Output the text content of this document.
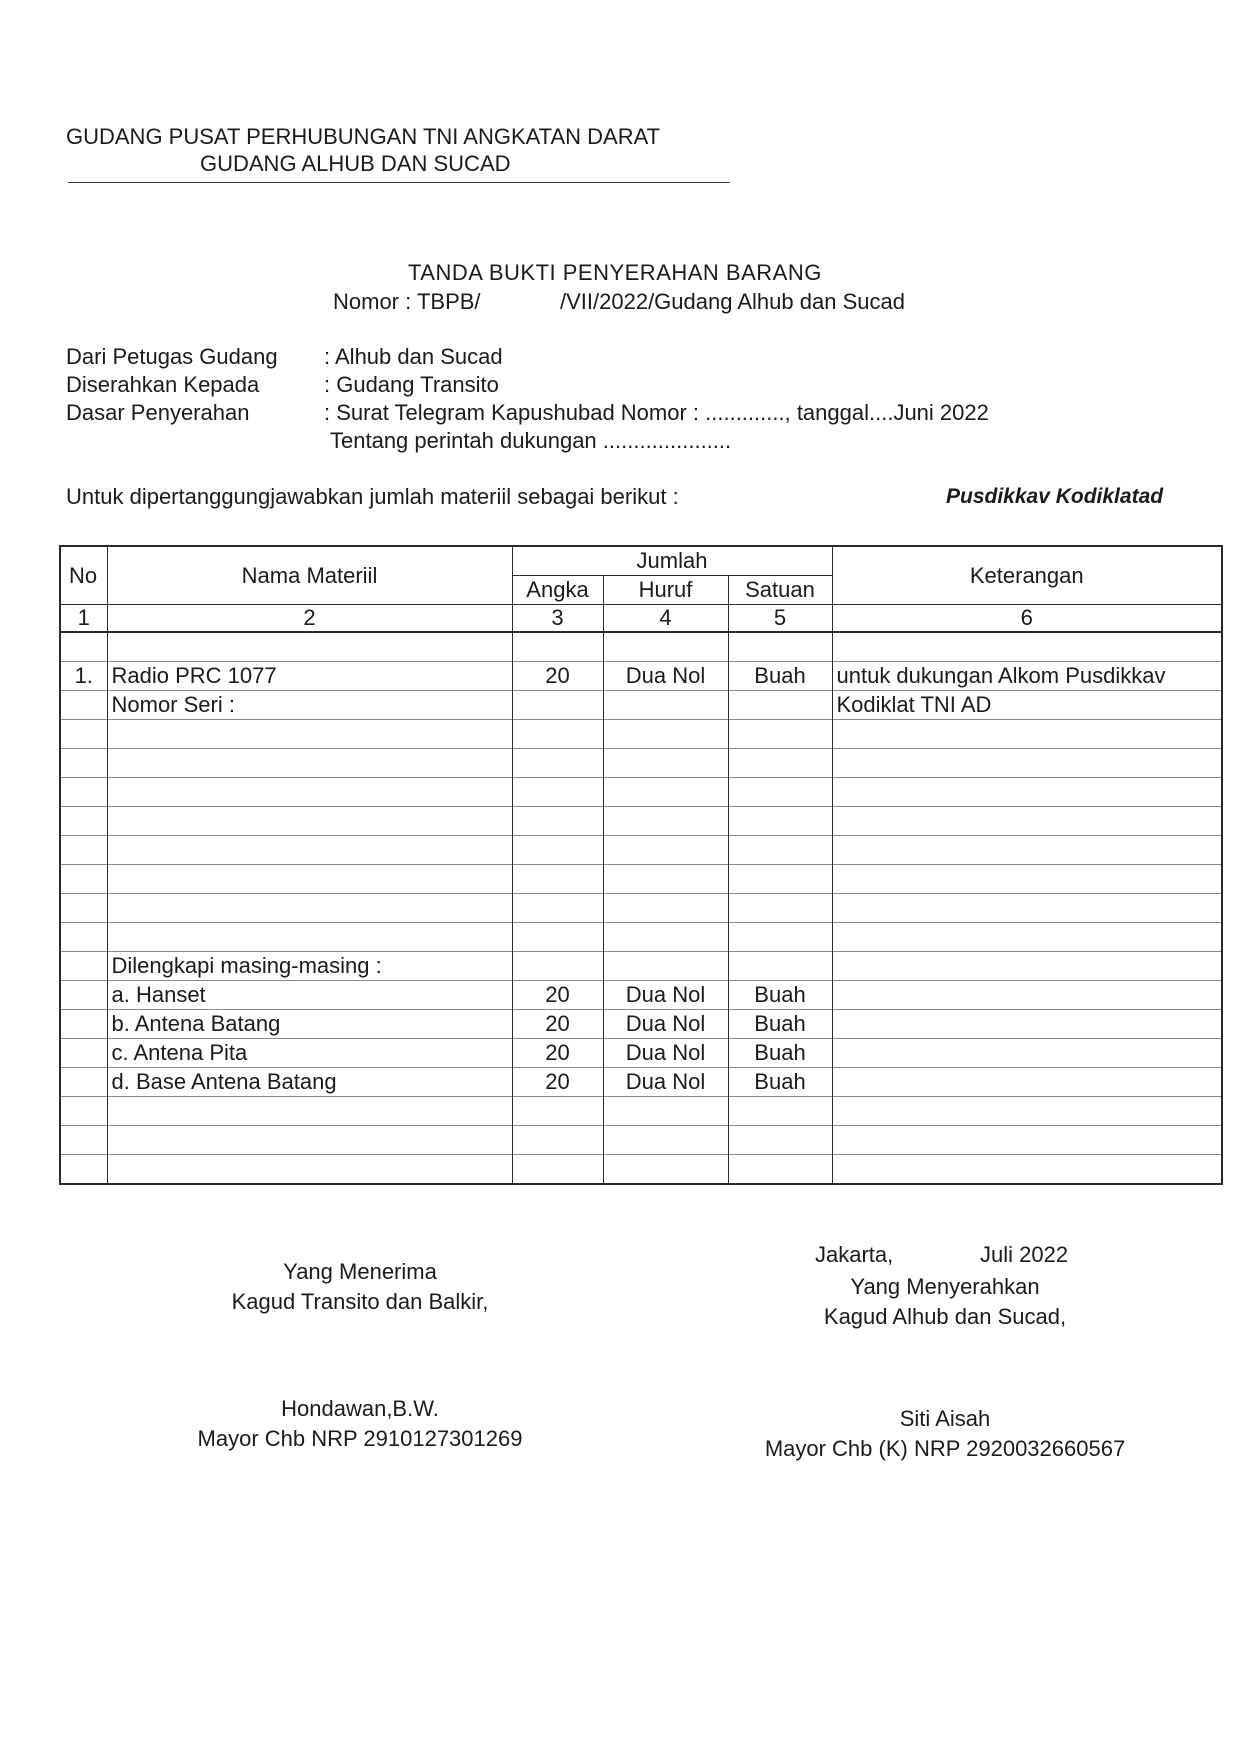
GUDANG PUSAT PERHUBUNGAN TNI ANGKATAN DARAT
GUDANG ALHUB DAN SUCAD
TANDA BUKTI PENYERAHAN BARANG
Nomor : TBPB/	/VII/2022/Gudang Alhub dan Sucad
Dari Petugas Gudang : Alhub dan Sucad
Diserahkan Kepada	: Gudang Transito
Dasar Penyerahan	: Surat Telegram Kapushubad Nomor : ............., tanggal....Juni 2022
Tentang perintah dukungan .....................
Untuk dipertanggungjawabkan jumlah materiil sebagai berikut :	Pusdikkav Kodiklatad
No	Nama Materiil	Jumlah			Keterangan
		Angka	Huruf	Satuan	
1	2	3	4	5	6

1.	Radio PRC 1077	20	Dua Nol	Buah	untuk dukungan Alkom Pusdikkav
	Nomor Seri :				Kodiklat TNI AD

	Dilengkapi masing-masing :				
	a. Hanset	20	Dua Nol	Buah	
	b. Antena Batang	20	Dua Nol	Buah	
	c. Antena Pita	20	Dua Nol	Buah	
	d. Base Antena Batang	20	Dua Nol	Buah	

Yang Menerima
Kagud Transito dan Balkir,
Hondawan,B.W.
Mayor Chb NRP 2910127301269
Jakarta,	Juli 2022
Yang Menyerahkan
Kagud Alhub dan Sucad,
Siti Aisah
Mayor Chb (K) NRP 2920032660567
